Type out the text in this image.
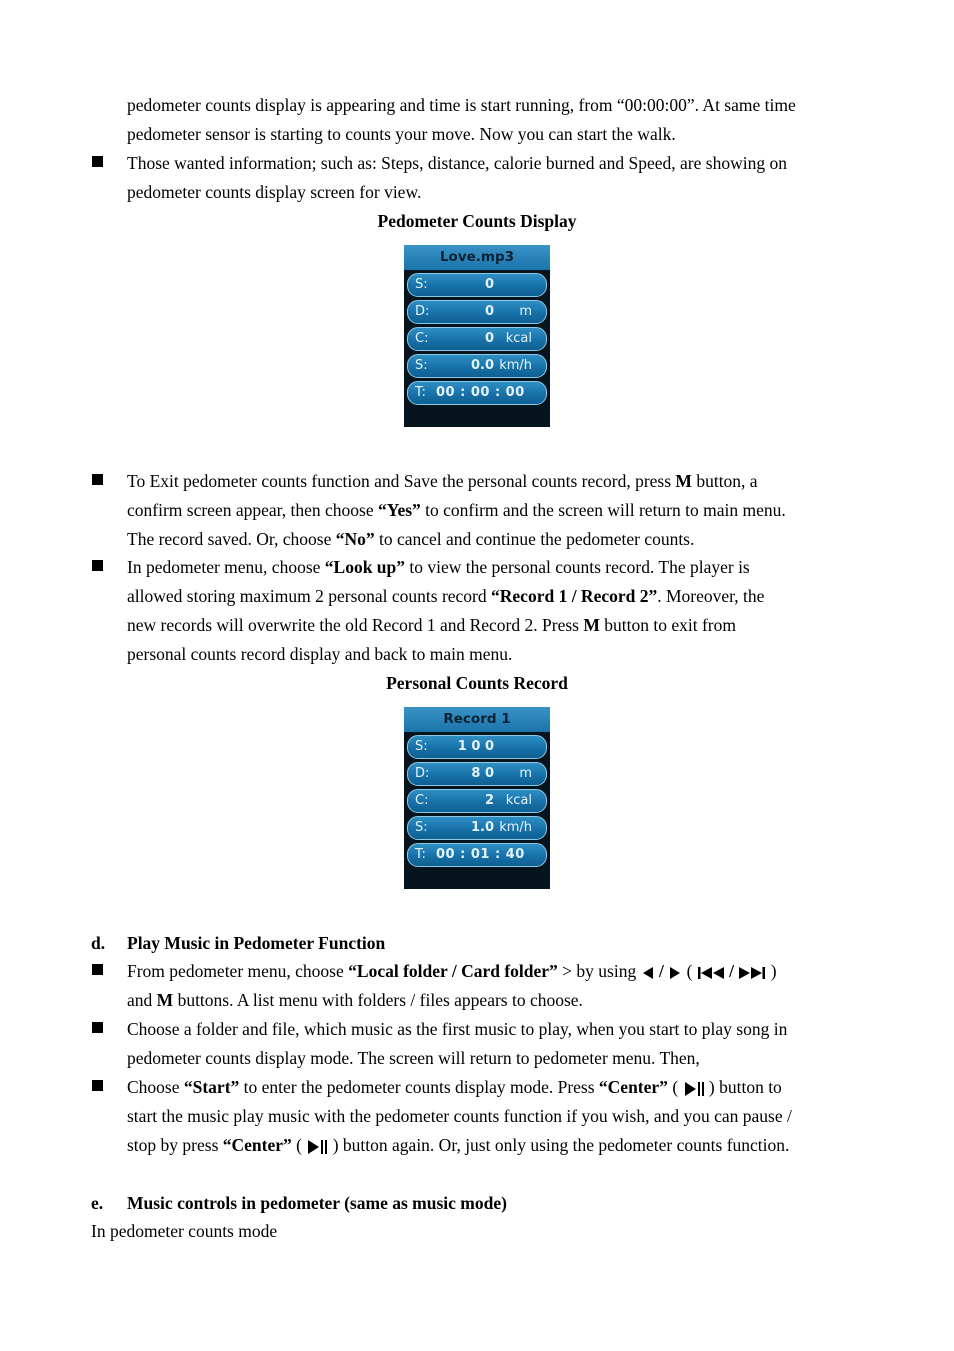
pedometer counts display is appearing and time is start running, from “00:00:00”. At same time
pedometer sensor is starting to counts your move. Now you can start the walk.
Those wanted information; such as: Steps, distance, calorie burned and Speed, are showing on
pedometer counts display screen for view.
Pedometer Counts Display
Love.mp3
S:	0
D:	0 m
C:	0 kcal
S:	0.0 km/h
T: 00 : 00 : 00
To Exit pedometer counts function and Save the personal counts record, press M button, a
confirm screen appear, then choose “Yes” to confirm and the screen will return to main menu.
The record saved. Or, choose “No” to cancel and continue the pedometer counts.
In pedometer menu, choose “Look up” to view the personal counts record. The player is
allowed storing maximum 2 personal counts record “Record 1 / Record 2”. Moreover, the
new records will overwrite the old Record 1 and Record 2. Press M button to exit from
personal counts record display and back to main menu.
Personal Counts Record
Record 1
S: 1 0 0
D:	8 0 m
C:	2 kcal
S:	1.0 km/h
T: 00 : 01 : 40
d. Play Music in Pedometer Function
From pedometer menu, choose “Local folder / Card folder” > by using  / ( / )
and M buttons. A list menu with folders / files appears to choose.
Choose a folder and file, which music as the first music to play, when you start to play song in
pedometer counts display mode. The screen will return to pedometer menu. Then,
Choose “Start” to enter the pedometer counts display mode. Press “Center” (  ) button to
start the music play music with the pedometer counts function if you wish, and you can pause /
stop by press “Center” (  ) button again. Or, just only using the pedometer counts function.
e. Music controls in pedometer (same as music mode)
In pedometer counts mode
